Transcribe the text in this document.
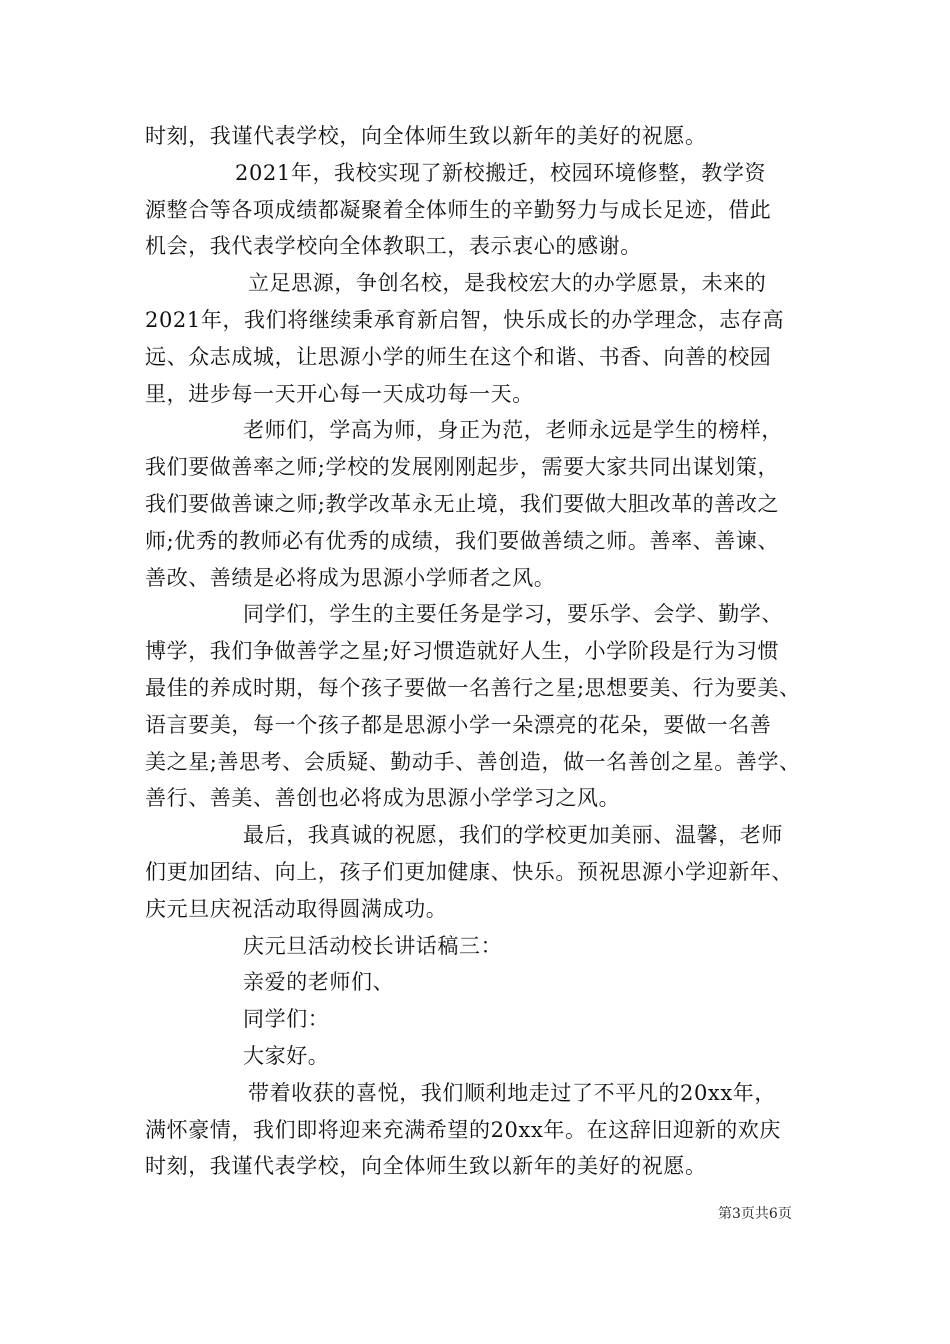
时刻，我谨代表学校，向全体师生致以新年的美好的祝愿。
2021年，我校实现了新校搬迁，校园环境修整，教学资
源整合等各项成绩都凝聚着全体师生的辛勤努力与成长足迹，借此
机会，我代表学校向全体教职工，表示衷心的感谢。
立足思源，争创名校，是我校宏大的办学愿景，未来的
2021年，我们将继续秉承育新启智，快乐成长的办学理念，志存高
远、众志成城，让思源小学的师生在这个和谐、书香、向善的校园
里，进步每一天开心每一天成功每一天。
老师们，学高为师，身正为范，老师永远是学生的榜样，
我们要做善率之师;学校的发展刚刚起步，需要大家共同出谋划策，
我们要做善谏之师;教学改革永无止境，我们要做大胆改革的善改之
师;优秀的教师必有优秀的成绩，我们要做善绩之师。善率、善谏、
善改、善绩是必将成为思源小学师者之风。
同学们，学生的主要任务是学习，要乐学、会学、勤学、
博学，我们争做善学之星;好习惯造就好人生，小学阶段是行为习惯
最佳的养成时期，每个孩子要做一名善行之星;思想要美、行为要美、
语言要美，每一个孩子都是思源小学一朵漂亮的花朵，要做一名善
美之星;善思考、会质疑、勤动手、善创造，做一名善创之星。善学、
善行、善美、善创也必将成为思源小学学习之风。
最后，我真诚的祝愿，我们的学校更加美丽、温馨，老师
们更加团结、向上，孩子们更加健康、快乐。预祝思源小学迎新年、
庆元旦庆祝活动取得圆满成功。
庆元旦活动校长讲话稿三：
亲爱的老师们、
同学们：
大家好。
带着收获的喜悦，我们顺利地走过了不平凡的20xx年，
满怀豪情，我们即将迎来充满希望的20xx年。在这辞旧迎新的欢庆
时刻，我谨代表学校，向全体师生致以新年的美好的祝愿。
第3页共6页
